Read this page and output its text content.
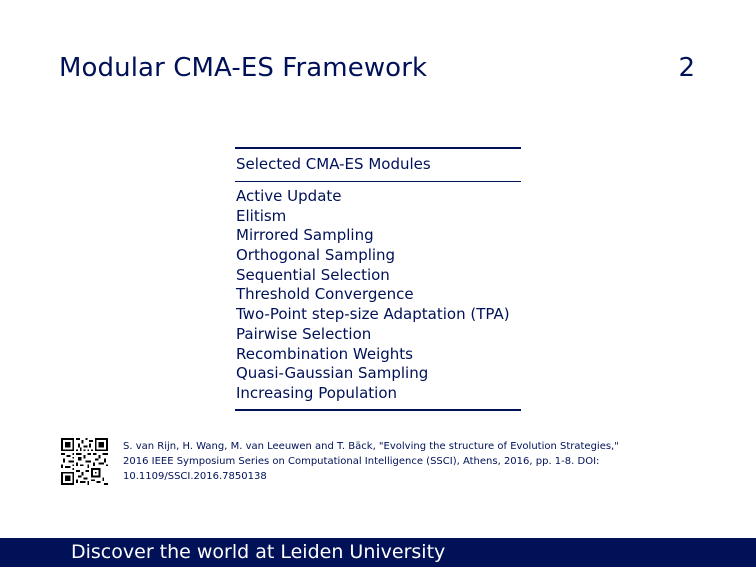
Modular CMA-ES Framework	2
Selected CMA-ES Modules
Active Update
Elitism
Mirrored Sampling
Orthogonal Sampling
Sequential Selection
Threshold Convergence
Two-Point step-size Adaptation (TPA)
Pairwise Selection
Recombination Weights
Quasi-Gaussian Sampling
Increasing Population
S. van Rijn, H. Wang, M. van Leeuwen and T. Bäck, "Evolving the structure of Evolution Strategies,"
2016 IEEE Symposium Series on Computational Intelligence (SSCI), Athens, 2016, pp. 1-8. DOI:
10.1109/SSCI.2016.7850138
Discover the world at Leiden University
